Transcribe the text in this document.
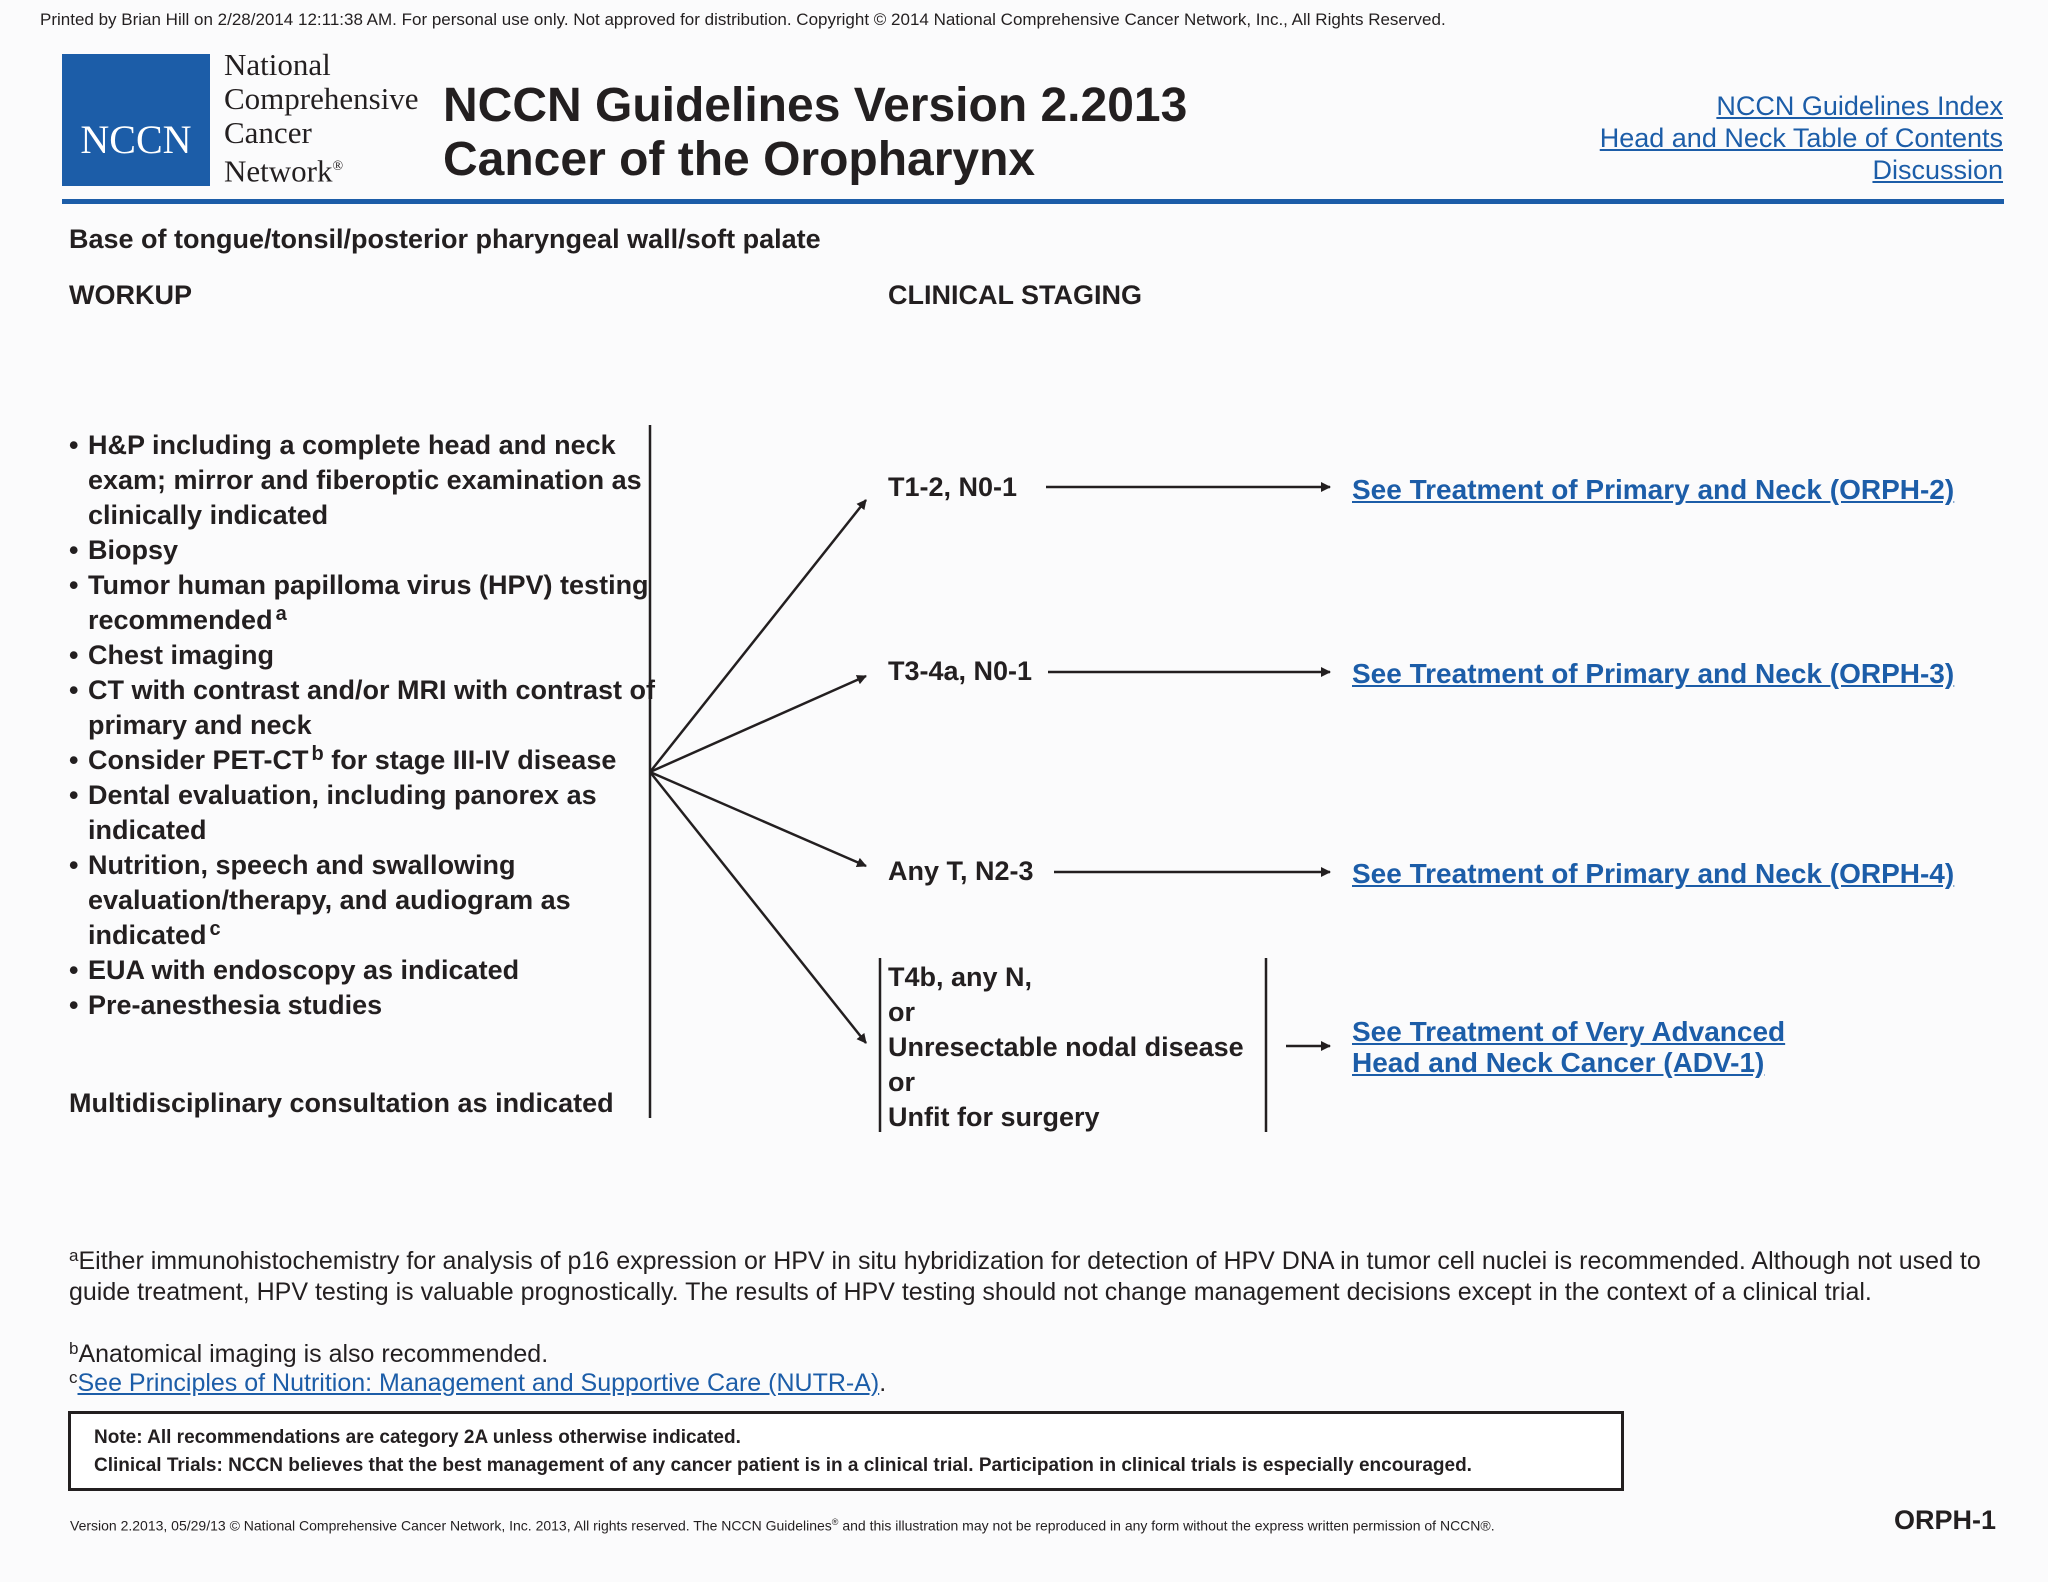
Printed by Brian Hill on 2/28/2014 12:11:38 AM. For personal use only. Not approved for distribution. Copyright © 2014 National Comprehensive Cancer Network, Inc., All Rights Reserved.
NCCN
National
Comprehensive
Cancer
Network®
NCCN Guidelines Version 2.2013
Cancer of the Oropharynx
NCCN Guidelines Index
Head and Neck Table of Contents
Discussion
Base of tongue/tonsil/posterior pharyngeal wall/soft palate
WORKUP	CLINICAL STAGING
• H&P including a complete head and neck exam; mirror and fiberoptic examination as clinically indicated
• Biopsy
• Tumor human papilloma virus (HPV) testing recommended $^a$
• Chest imaging
• CT with contrast and/or MRI with contrast of primary and neck
• Consider PET-CT $^b$ for stage III-IV disease
• Dental evaluation, including panorex as indicated
• Nutrition, speech and swallowing evaluation/therapy, and audiogram as indicated $^c$
• EUA with endoscopy as indicated
• Pre-anesthesia studies
Multidisciplinary consultation as indicated
T1-2, N0-1
T3-4a, N0-1
Any T, N2-3
T4b, any N,
or
Unresectable nodal disease
or
Unfit for surgery
See Treatment of Primary and Neck (ORPH-2)
See Treatment of Primary and Neck (ORPH-3)
See Treatment of Primary and Neck (ORPH-4)
See Treatment of Very Advanced
Head and Neck Cancer (ADV-1)
$^a$Either immunohistochemistry for analysis of p16 expression or HPV in situ hybridization for detection of HPV DNA in tumor cell nuclei is recommended. Although not used to guide treatment, HPV testing is valuable prognostically. The results of HPV testing should not change management decisions except in the context of a clinical trial.
$^b$Anatomical imaging is also recommended.
$^c$See Principles of Nutrition: Management and Supportive Care (NUTR-A).
Note: All recommendations are category 2A unless otherwise indicated.
Clinical Trials: NCCN believes that the best management of any cancer patient is in a clinical trial. Participation in clinical trials is especially encouraged.
Version 2.2013, 05/29/13 © National Comprehensive Cancer Network, Inc. 2013, All rights reserved. The NCCN Guidelines® and this illustration may not be reproduced in any form without the express written permission of NCCN®.	ORPH-1
